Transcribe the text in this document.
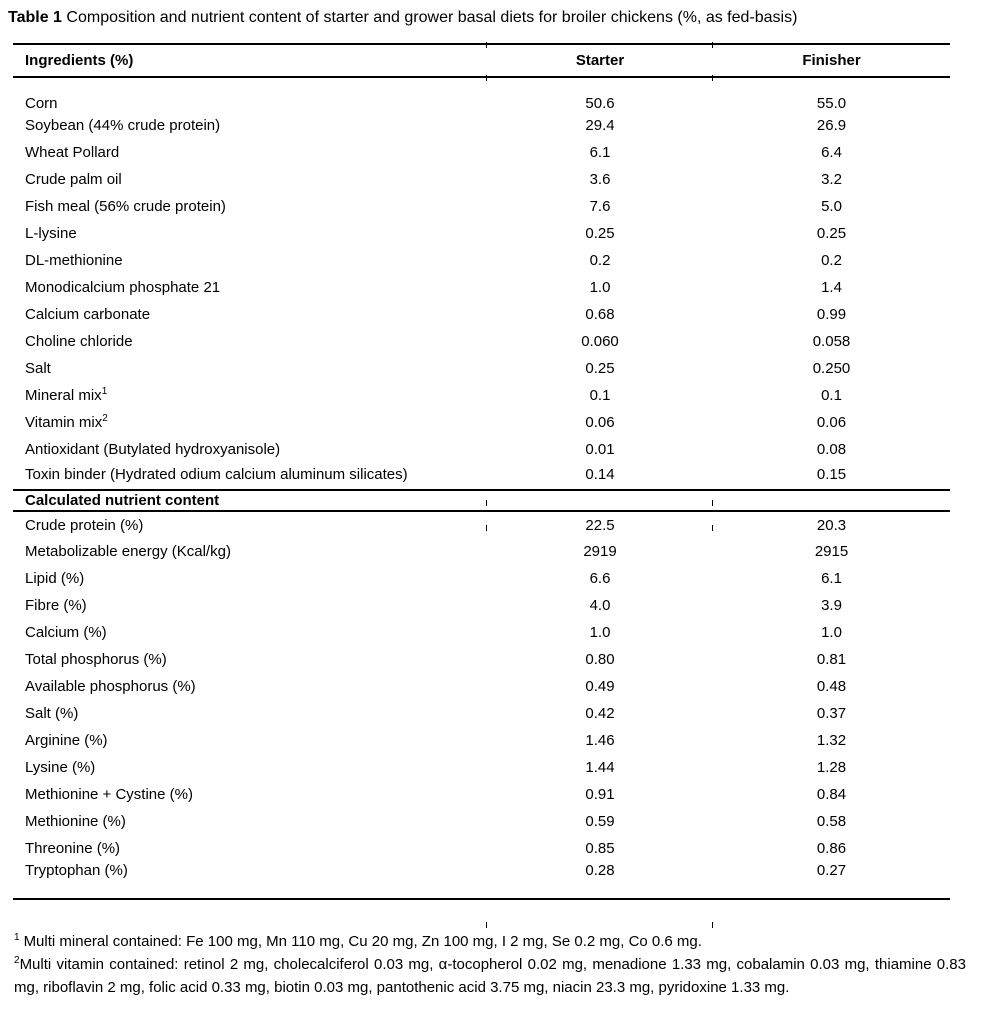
Table 1 Composition and nutrient content of starter and grower basal diets for broiler chickens (%, as fed-basis)
Ingredients (%)	Starter	Finisher
Corn	50.6	55.0
Soybean (44% crude protein)	29.4	26.9
Wheat Pollard	6.1	6.4
Crude palm oil	3.6	3.2
Fish meal (56% crude protein)	7.6	5.0
L-lysine	0.25	0.25
DL-methionine	0.2	0.2
Monodicalcium phosphate 21	1.0	1.4
Calcium carbonate	0.68	0.99
Choline chloride	0.060	0.058
Salt	0.25	0.250
Mineral mix$^1$	0.1	0.1
Vitamin mix$^2$	0.06	0.06
Antioxidant (Butylated hydroxyanisole)	0.01	0.08
Toxin binder (Hydrated odium calcium aluminum silicates)	0.14	0.15
Calculated nutrient content		
Crude protein (%)	22.5	20.3
Metabolizable energy (Kcal/kg)	2919	2915
Lipid (%)	6.6	6.1
Fibre (%)	4.0	3.9
Calcium (%)	1.0	1.0
Total phosphorus (%)	0.80	0.81
Available phosphorus (%)	0.49	0.48
Salt (%)	0.42	0.37
Arginine (%)	1.46	1.32
Lysine (%)	1.44	1.28
Methionine + Cystine (%)	0.91	0.84
Methionine (%)	0.59	0.58
Threonine (%)	0.85	0.86
Tryptophan (%)	0.28	0.27

$^1$ Multi mineral contained: Fe 100 mg, Mn 110 mg, Cu 20 mg, Zn 100 mg, I 2 mg, Se 0.2 mg, Co 0.6 mg.

$^2$Multi vitamin contained: retinol 2 mg, cholecalciferol 0.03 mg, α-tocopherol 0.02 mg, menadione 1.33 mg, cobalamin 0.03 mg, thiamine 0.83 mg, riboflavin 2 mg, folic acid 0.33 mg, biotin 0.03 mg, pantothenic acid 3.75 mg, niacin 23.3 mg, pyridoxine 1.33 mg.
